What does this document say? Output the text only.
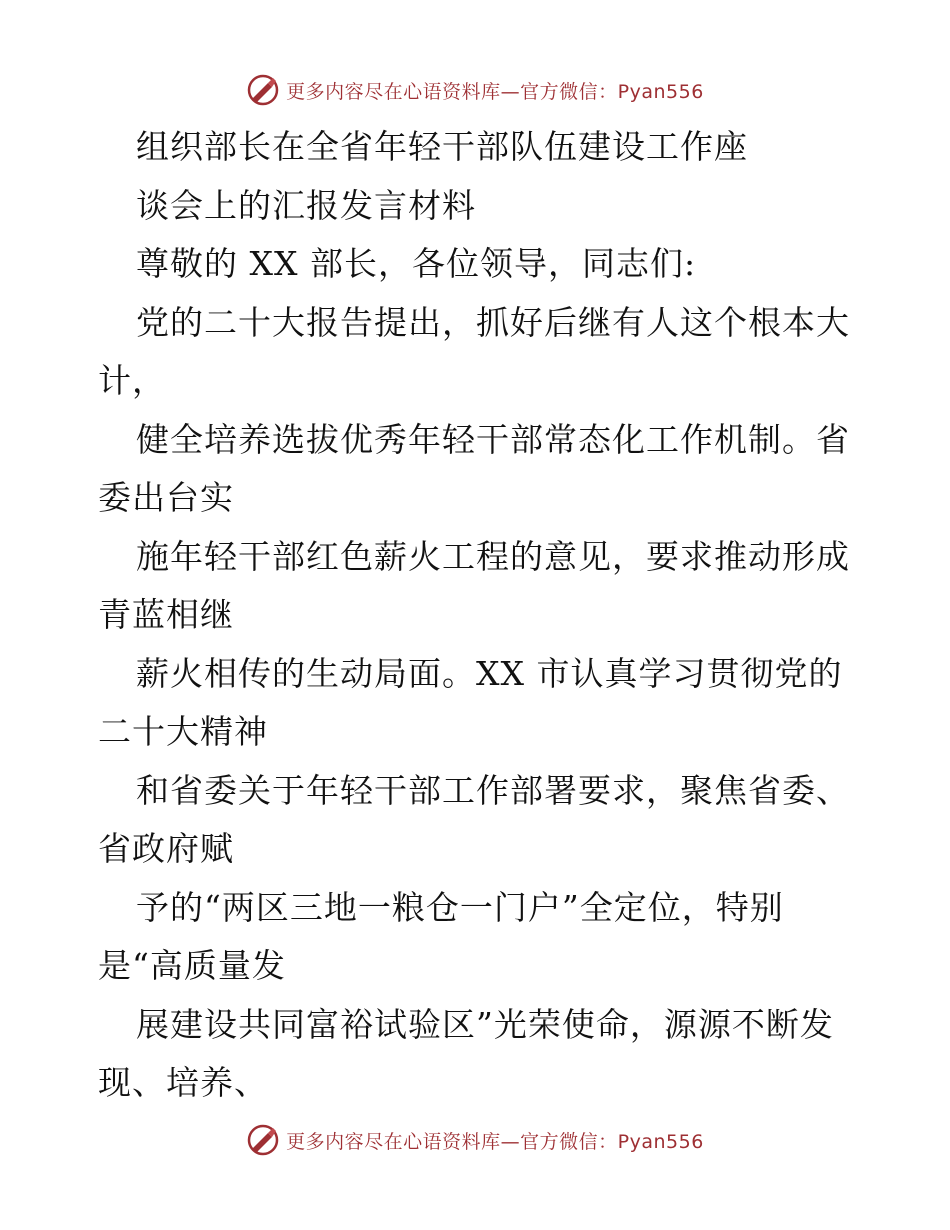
更多内容尽在心语资料库—官方微信：Pyan556
组织部长在全省年轻干部队伍建设工作座
谈会上的汇报发言材料
尊敬的 XX 部长，各位领导，同志们:
党的二十大报告提出，抓好后继有人这个根本大
计，
健全培养选拔优秀年轻干部常态化工作机制。省
委出台实
施年轻干部红色薪火工程的意见，要求推动形成
青蓝相继
薪火相传的生动局面。XX 市认真学习贯彻党的
二十大精神
和省委关于年轻干部工作部署要求，聚焦省委、
省政府赋
予的“两区三地一粮仓一门户”全定位，特别
是“高质量发
展建设共同富裕试验区”光荣使命，源源不断发
现、培养、
更多内容尽在心语资料库—官方微信：Pyan556
